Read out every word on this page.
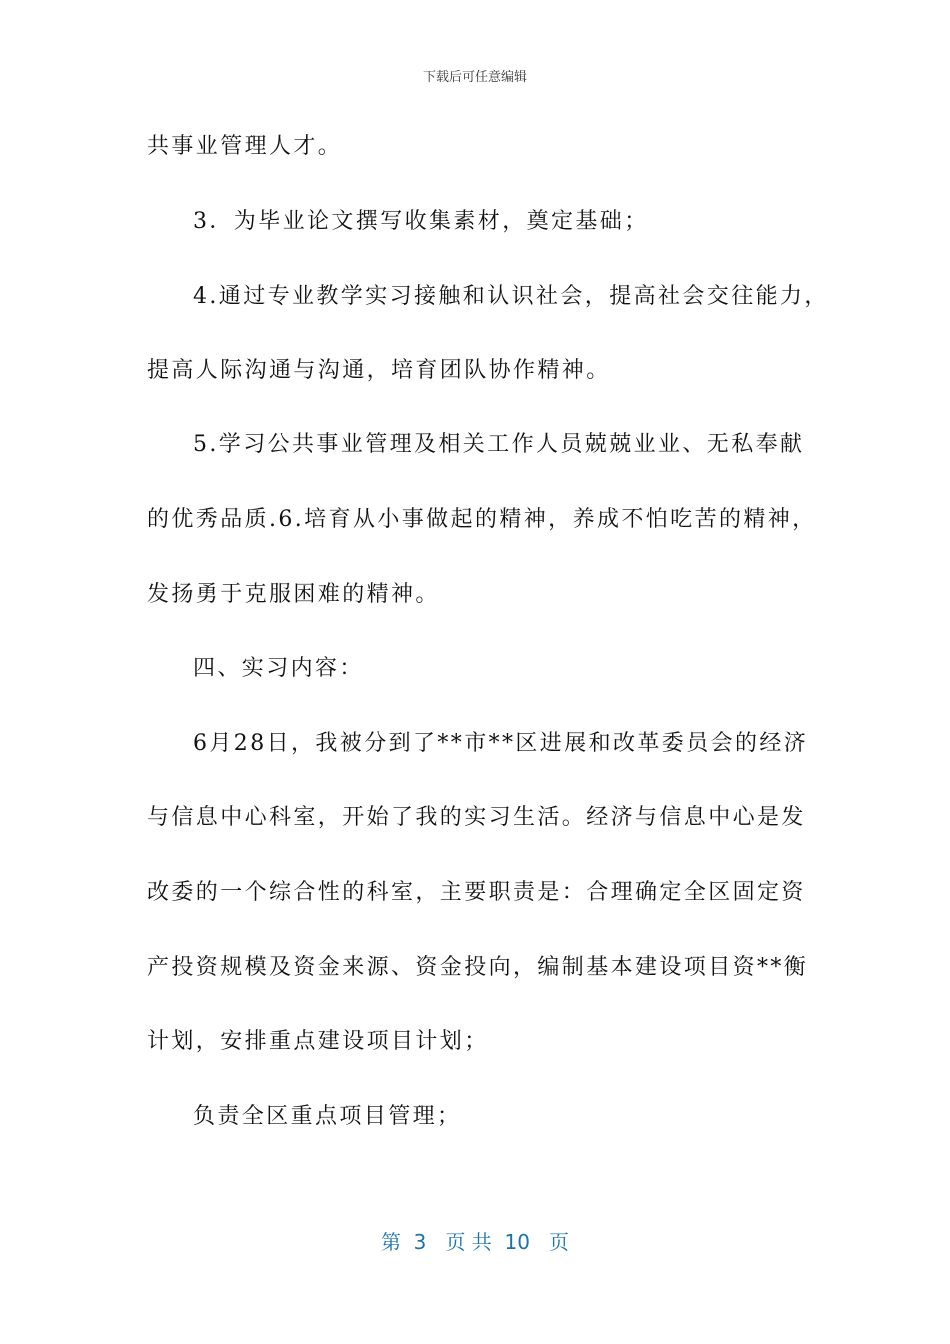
下载后可任意编辑
共事业管理人才。
3．为毕业论文撰写收集素材，奠定基础；
4.通过专业教学实习接触和认识社会，提高社会交往能力，
提高人际沟通与沟通，培育团队协作精神。
5.学习公共事业管理及相关工作人员兢兢业业、无私奉献
的优秀品质.6.培育从小事做起的精神，养成不怕吃苦的精神，
发扬勇于克服困难的精神。
四、实习内容：
6月28日，我被分到了**市**区进展和改革委员会的经济
与信息中心科室，开始了我的实习生活。经济与信息中心是发
改委的一个综合性的科室，主要职责是：合理确定全区固定资
产投资规模及资金来源、资金投向，编制基本建设项目资**衡
计划，安排重点建设项目计划；
负责全区重点项目管理；
第  3   页 共  10   页
